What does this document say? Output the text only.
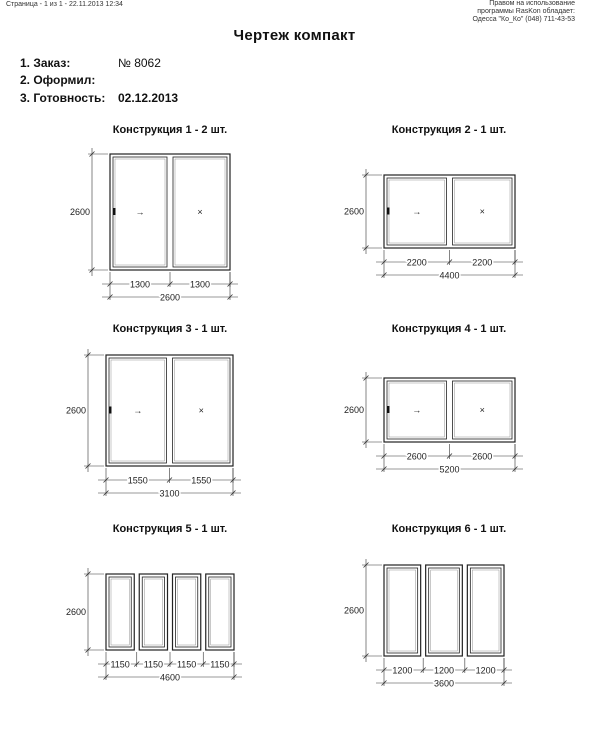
Страница - 1 из 1 - 22.11.2013 12:34	Правом на использование
программы RasKon обладает:
Одесса "Ко_Ко" (048) 711-43-53
Чертеж компакт
1. Заказ:	№ 8062
2. Оформил:
3. Готовность: 02.12.2013
Конструкция 1 - 2 шт.	Конструкция 2 - 1 шт.
Конструкция 3 - 1 шт.	Конструкция 4 - 1 шт.
Конструкция 5 - 1 шт.	Конструкция 6 - 1 шт.
→	×
2600
1300	1300
2600
→	×
2600
2200	2200
4400
→	×
2600
1550	1550
3100
→	×
2600
2600	2600
5200
2600
1150 1150 1150 1150
4600
2600
1200 1200 1200
3600
